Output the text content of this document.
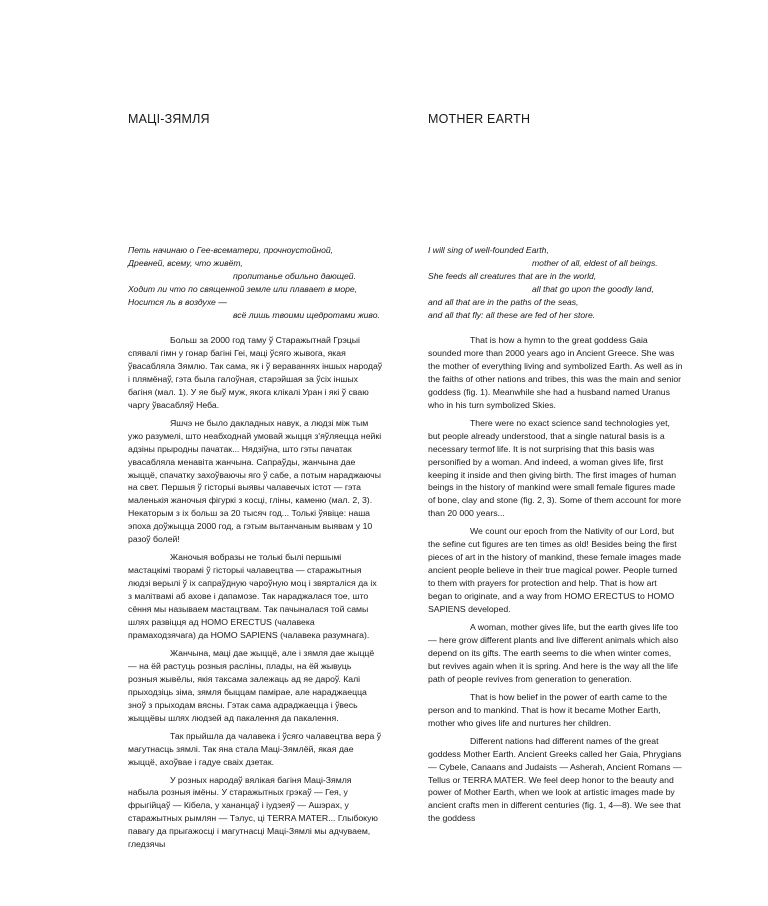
МАЦІ-ЗЯМЛЯ
Петь начинаю о Гее-всематери, прочноустойной,
Древней, всему, что живёт,
пропитанье обильно дающей.
Ходит ли что по священной земле или плавает в море,
Носится ль в воздухе —
всё лишь твоими щедротами живо.

Больш за 2000 год таму ў Старажытнай Грэцыі спявалі гімн у гонар багіні Геі, маці ўсяго жывога, якая ўвасабляла Зямлю. Так сама, як і ў вераваннях іншых народаў і плямёнаў, гэта была галоўная, старэйшая за ўсіх іншых багіня (мал. 1). У яе быў муж, якога клікалі Уран і які ў сваю чаргу ўвасабляў Неба.

Яшчэ не было дакладных навук, а людзі між тым ужо разумелі, што неабходнай умовай жыцця з'яўляецца нейкі адзіны прыродны пачатак... Нядзіўна, што гэты пачатак увасабляла менавіта жанчына. Сапраўды, жанчына дае жыццё, спачатку захоўваючы яго ў сабе, а потым нараджаючы на свет. Першыя ў гісторыі выявы чалавечых істот — гэта маленькія жаночыя фігуркі з косці, гліны, каменю (мал. 2, 3). Некаторым з іх больш за 20 тысяч год... Толькі ўявіце: наша эпоха доўжыцца 2000 год, а гэтым вытанчаным выявам у 10 разоў болей!

Жаночыя вобразы не толькі былі першымі мастацкімі творамі ў гісторыі чалавецтва — старажытныя людзі верылі ў іх сапраўдную чароўную моц і звярталіся да іх з малітвамі аб ахове і дапамозе. Так нараджалася тое, што сёння мы называем мастацтвам. Так пачыналася той самы шлях развіцця ад HOMO ERECTUS (чалавека прамаходзячага) да HOMO SAPIENS (чалавека разумнага).

Жанчына, маці дае жыццё, але і зямля дае жыццё — на ёй растуць розныя расліны, плады, на ёй жывуць розныя жывёлы, якія таксама залежаць ад яе дароў. Калі прыходзіць зіма, зямля быццам паміраe, але нараджаецца зноў з прыходам вясны. Гэтак сама адраджаецца і ўвесь жыццёвы шлях людзей ад пакалення да пакалення.

Так прыйшла да чалавека і ўсяго чалавецтва вера ў магутнасць зямлі. Так яна стала Маці-Зямлёй, якая дае жыццё, ахоўвае і гадуе сваіх дзетак.

У розных народаў вялікая багіня Маці-Зямля набыла розныя імёны. У старажытных грэкаў — Гея, у фрыгійцаў — Кібела, у хананцаў і іудзеяў — Ашэрах, у старажытных рымлян — Тэлус, ці TERRA MATER... Глыбокую павагу да прыгажосці і магутнасці Маці-Зямлі мы адчуваем, гледзячы

MOTHER EARTH
I will sing of well-founded Earth,
mother of all, eldest of all beings.
She feeds all creatures that are in the world,
all that go upon the goodly land,
and all that are in the paths of the seas,
and all that fly: all these are fed of her store.

That is how a hymn to the great goddess Gaia sounded more than 2000 years ago in Ancient Greece. She was the mother of everything living and symbolized Earth. As well as in the faiths of other nations and tribes, this was the main and senior goddess (fig. 1). Meanwhile she had a husband named Uranus who in his turn symbolized Skies.

There were no exact science sand technologies yet, but people already understood, that a single natural basis is a necessary termof life. It is not surprising that this basis was personified by a woman. And indeed, a woman gives life, first keeping it inside and then giving birth. The first images of human beings in the history of mankind were small female figures made of bone, clay and stone (fig. 2, 3). Some of them account for more than 20 000 years...

We count our epoch from the Nativity of our Lord, but the sefine cut figures are ten times as old! Besides being the first pieces of art in the history of mankind, these female images made ancient people believe in their true magical power. People turned to them with prayers for protection and help. That is how art began to originate, and a way from HOMO ERECTUS to HOMO SAPIENS developed.

A woman, mother gives life, but the earth gives life too — here grow different plants and live different animals which also depend on its gifts. The earth seems to die when winter comes, but revives again when it is spring. And here is the way all the life path of people revives from generation to generation.

That is how belief in the power of earth came to the person and to mankind. That is how it became Mother Earth, mother who gives life and nurtures her children.

Different nations had different names of the great goddess Mother Earth. Ancient Greeks called her Gaia, Phrygians — Cybele, Canaans and Judaists — Asherah, Ancient Romans — Tellus or TERRA MATER. We feel deep honor to the beauty and power of Mother Earth, when we look at artistic images made by ancient crafts men in different centuries (fig. 1, 4—8). We see that the goddess
